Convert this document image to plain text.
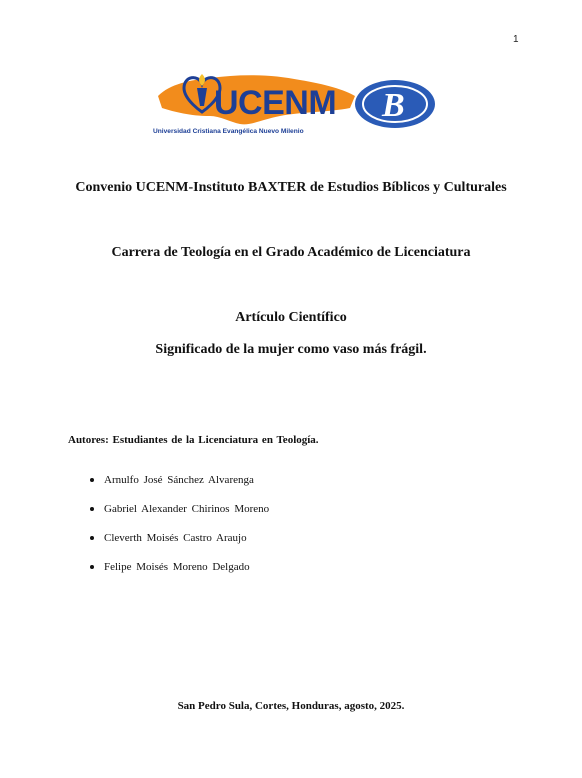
1
B
UCENM
Universidad Cristiana Evangélica Nuevo Milenio
Convenio UCENM-Instituto BAXTER de Estudios Bíblicos y Culturales
Carrera de Teología en el Grado Académico de Licenciatura
Artículo Científico
Significado de la mujer como vaso más frágil.
Autores: Estudiantes de la Licenciatura en Teología.
Arnulfo José Sánchez Alvarenga
Gabriel Alexander Chirinos Moreno
Cleverth Moisés Castro Araujo
Felipe Moisés Moreno Delgado
San Pedro Sula, Cortes, Honduras, agosto, 2025.
